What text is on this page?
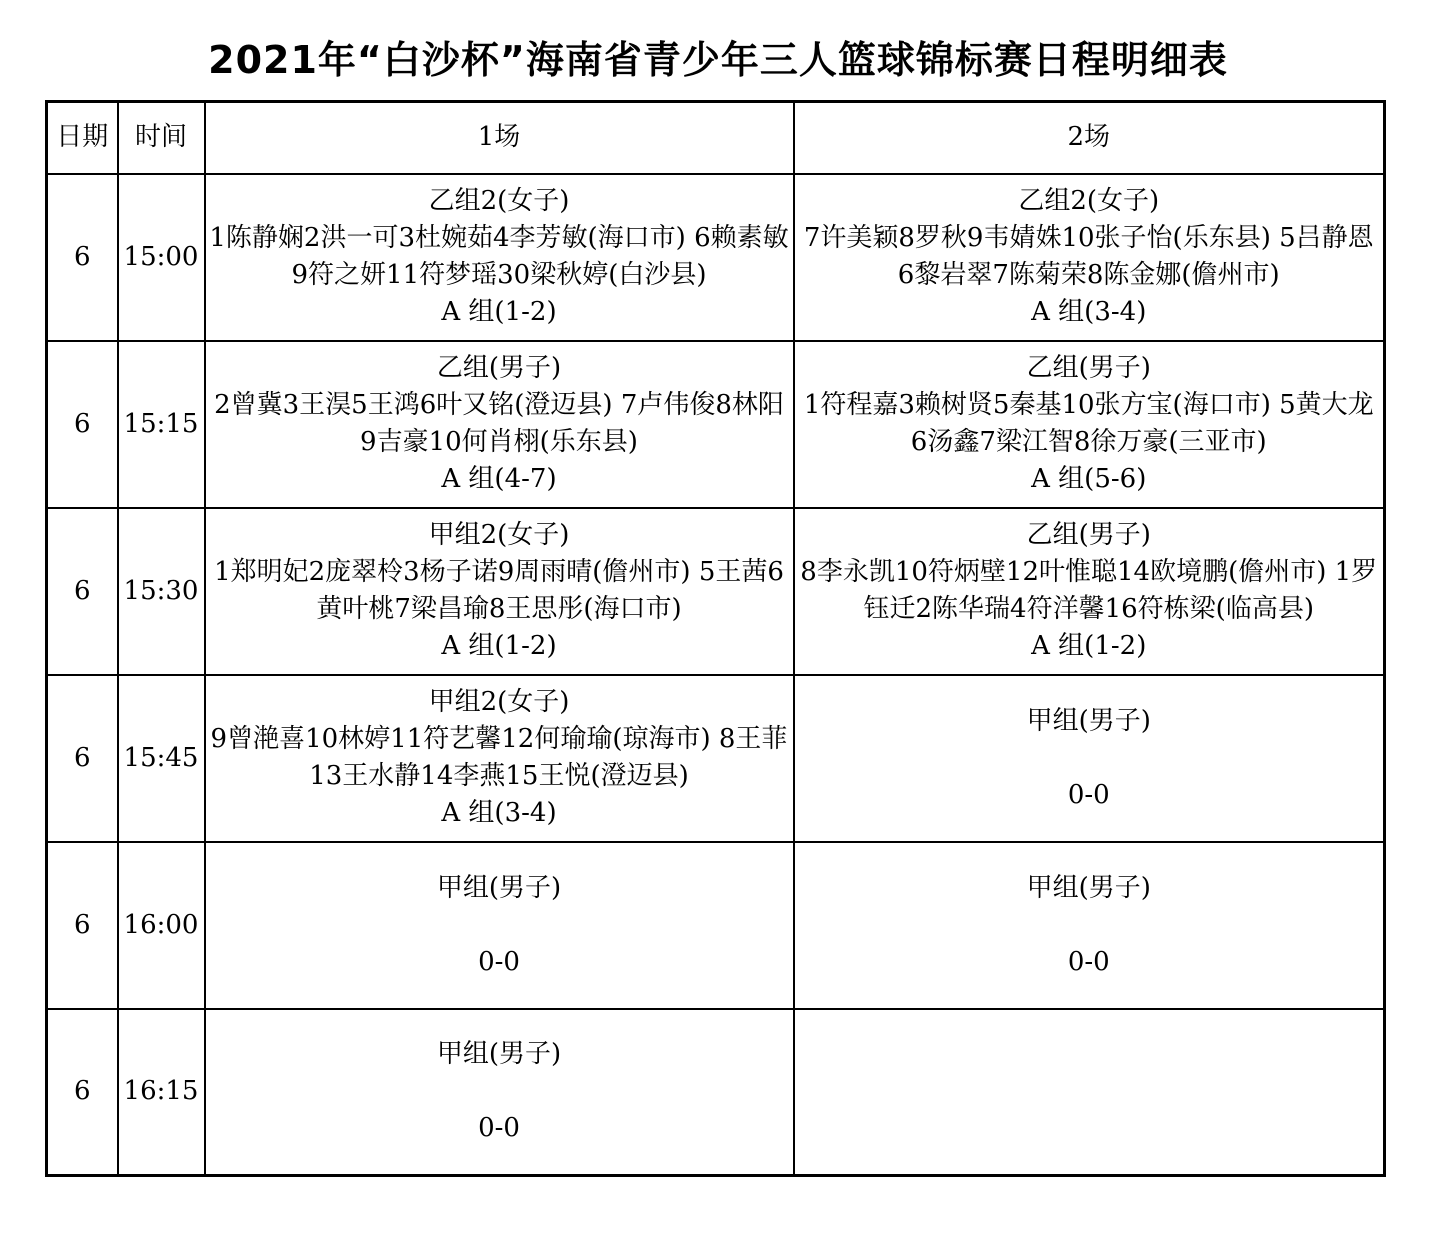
2021年“白沙杯”海南省青少年三人篮球锦标赛日程明细表
日期	时间	1场	2场
6	15:00	乙组2(女子)
1陈静娴2洪一可3杜婉茹4李芳敏(海口市) 6赖素敏9符之妍11符梦瑶30梁秋婷(白沙县)
A 组(1-2)	乙组2(女子)
7许美颖8罗秋9韦婧姝10张子怡(乐东县) 5吕静恩6黎岩翠7陈菊荣8陈金娜(儋州市)
A 组(3-4)

6	15:15	乙组(男子)
2曾冀3王淏5王鸿6叶又铭(澄迈县) 7卢伟俊8林阳9吉豪10何肖栩(乐东县)
A 组(4-7)	乙组(男子)
1符程嘉3赖树贤5秦基10张方宝(海口市) 5黄大龙6汤鑫7梁江智8徐万豪(三亚市)
A 组(5-6)

6	15:30	甲组2(女子)
1郑明妃2庞翠柃3杨子诺9周雨晴(儋州市) 5王茜6黄叶桃7梁昌瑜8王思彤(海口市)
A 组(1-2)	乙组(男子)
8李永凯10符炳壁12叶惟聪14欧境鹏(儋州市) 1罗钰迁2陈华瑞4符洋馨16符栋梁(临高县)
A 组(1-2)

6	15:45	甲组2(女子)
9曾滟喜10林婷11符艺馨12何瑜瑜(琼海市) 8王菲13王水静14李燕15王悦(澄迈县)
A 组(3-4)	甲组(男子)
0-0

6	16:00	甲组(男子)
0-0	甲组(男子)
0-0

6	16:15	甲组(男子)
0-0	
